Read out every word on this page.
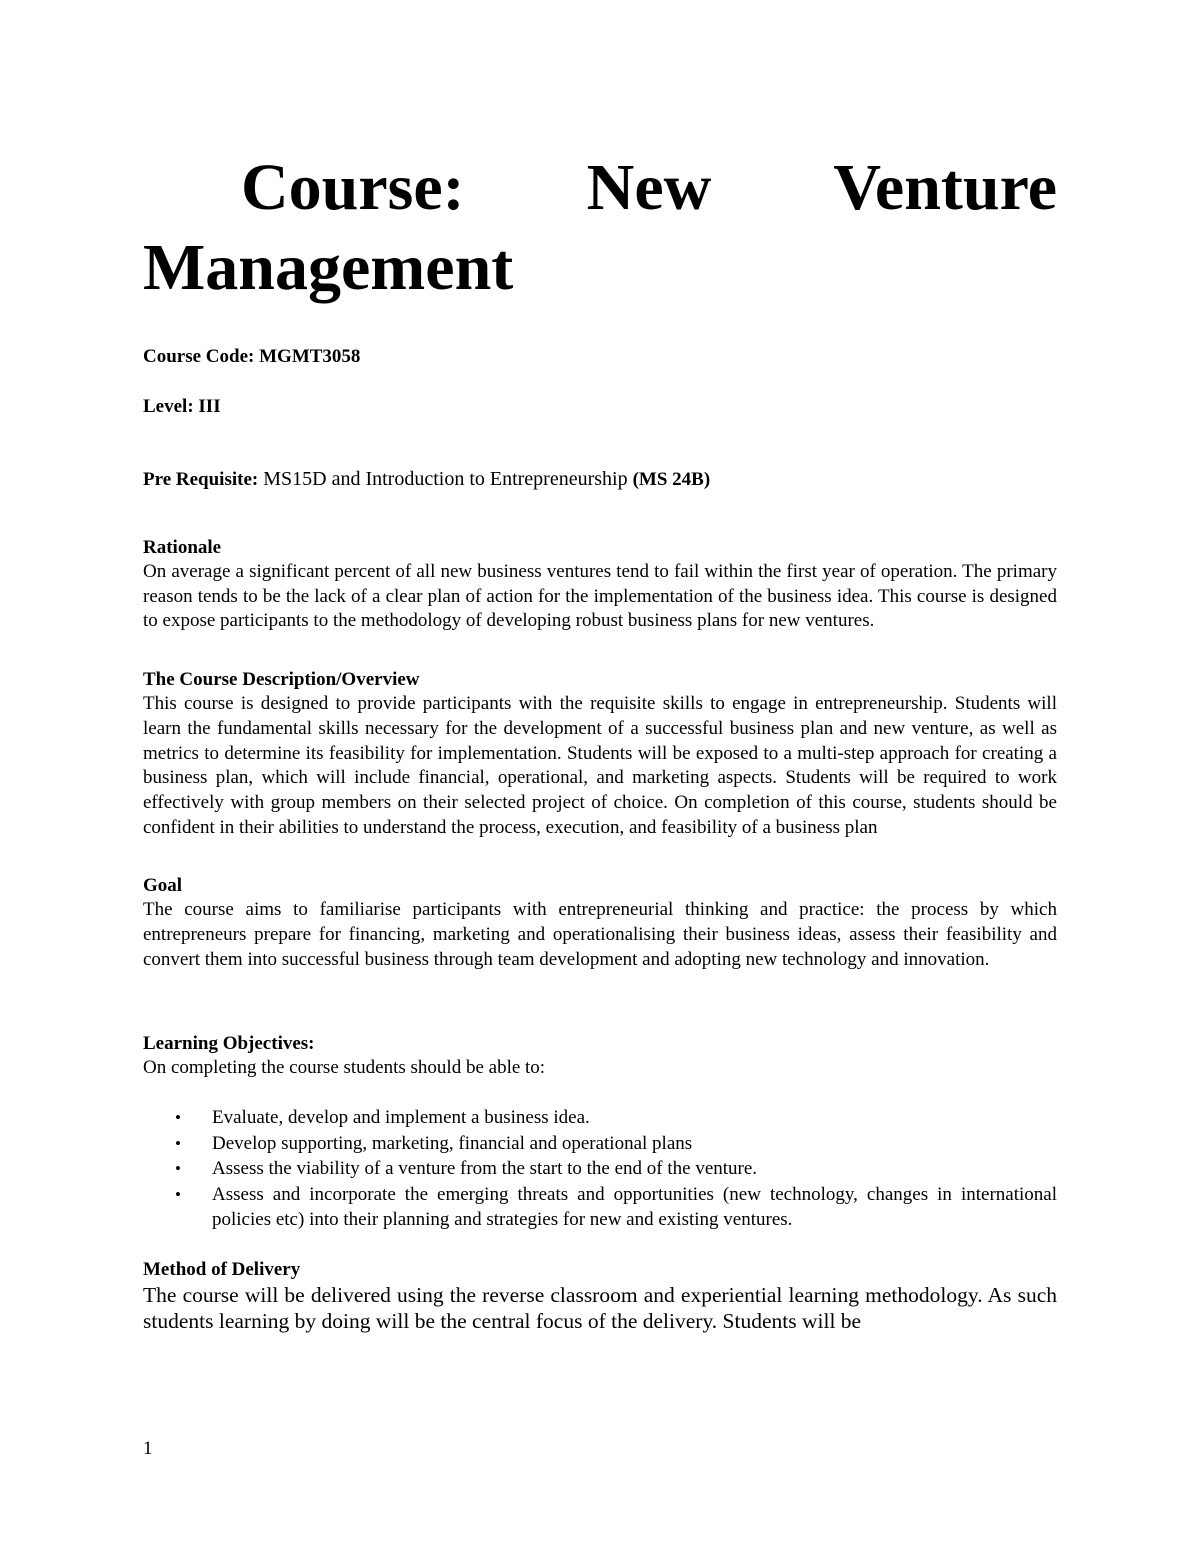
Course: New Venture
Management

Course Code: MGMT3058

Level: III

Pre Requisite: MS15D and Introduction to Entrepreneurship (MS 24B)

Rationale

On average a significant percent of all new business ventures tend to fail within the first year of operation. The primary reason tends to be the lack of a clear plan of action for the implementation of the business idea. This course is designed to expose participants to the methodology of developing robust business plans for new ventures.

The Course Description/Overview

This course is designed to provide participants with the requisite skills to engage in entrepreneurship. Students will learn the fundamental skills necessary for the development of a successful business plan and new venture, as well as metrics to determine its feasibility for implementation. Students will be exposed to a multi-step approach for creating a business plan, which will include financial, operational, and marketing aspects. Students will be required to work effectively with group members on their selected project of choice. On completion of this course, students should be confident in their abilities to understand the process, execution, and feasibility of a business plan

Goal

The course aims to familiarise participants with entrepreneurial thinking and practice: the process by which entrepreneurs prepare for financing, marketing and operationalising their business ideas, assess their feasibility and convert them into successful business through team development and adopting new technology and innovation.

Learning Objectives:

On completing the course students should be able to:

• Evaluate, develop and implement a business idea.
• Develop supporting, marketing, financial and operational plans
• Assess the viability of a venture from the start to the end of the venture.
• Assess and incorporate the emerging threats and opportunities (new technology, changes in international policies etc) into their planning and strategies for new and existing ventures.

Method of Delivery

The course will be delivered using the reverse classroom and experiential learning methodology. As such students learning by doing will be the central focus of the delivery. Students will be

1
